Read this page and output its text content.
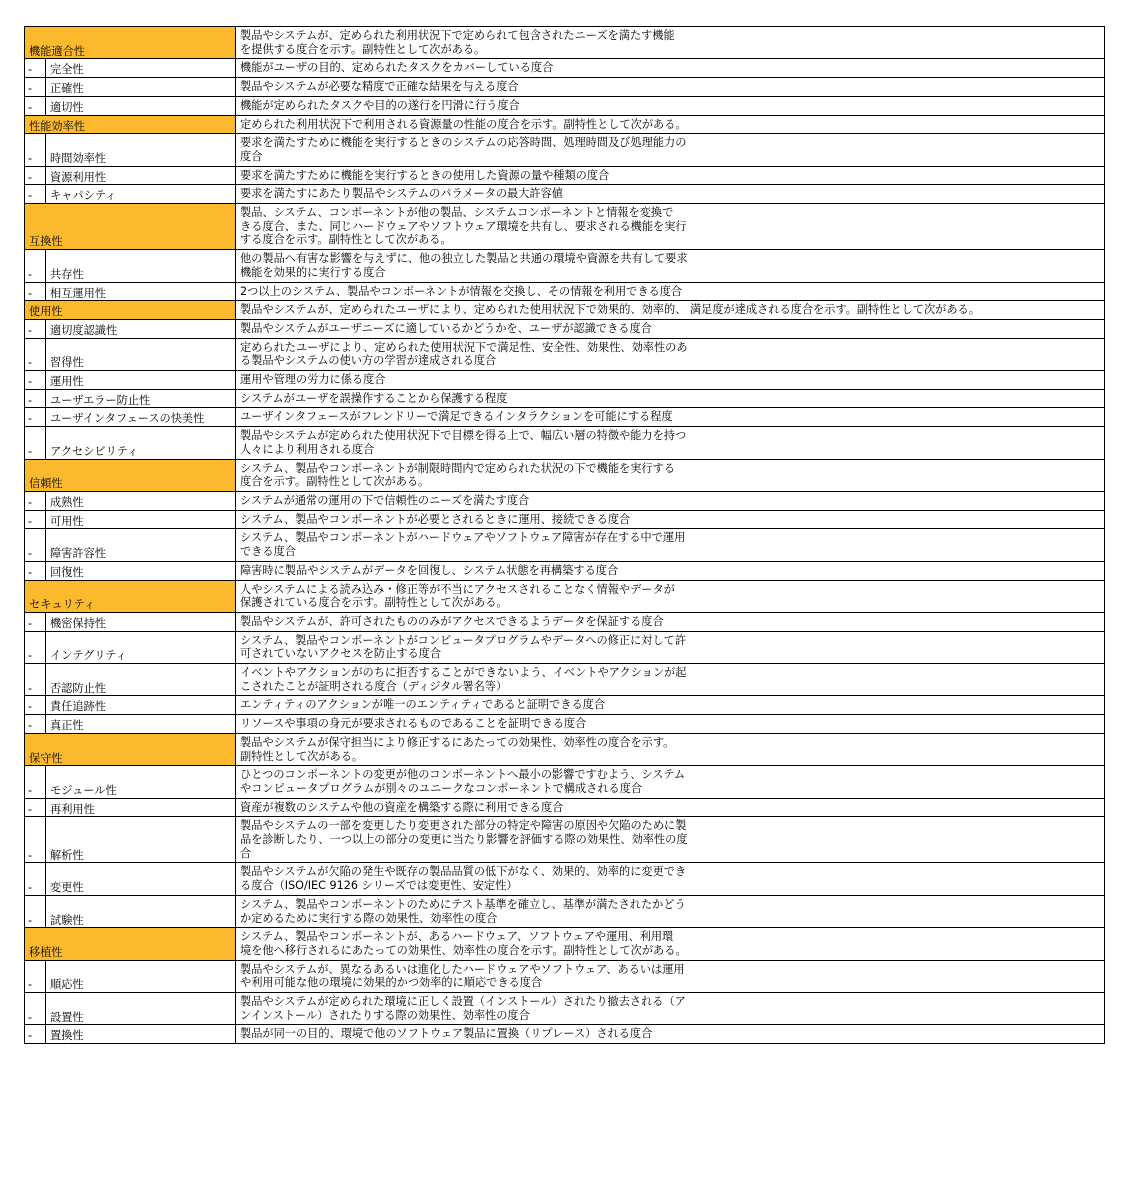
機能適合性		製品やシステムが、定められた利用状況下で定められて包含されたニーズを満たす機能
を提供する度合を示す。副特性として次がある。

-	完全性	機能がユーザの目的、定められたタスクをカバーしている度合

-	正確性	製品やシステムが必要な精度で正確な結果を与える度合

-	適切性	機能が定められたタスクや目的の遂行を円滑に行う度合

性能効率性		定められた利用状況下で利用される資源量の性能の度合を示す。副特性として次がある。

-	時間効率性	要求を満たすために機能を実行するときのシステムの応答時間、処理時間及び処理能力の
度合

-	資源利用性	要求を満たすために機能を実行するときの使用した資源の量や種類の度合

-	キャパシティ	要求を満たすにあたり製品やシステムのパラメータの最大許容値

互換性		製品、システム、コンポーネントが他の製品、システムコンポーネントと情報を変換で
きる度合、また、同じハードウェアやソフトウェア環境を共有し、要求される機能を実行
する度合を示す。副特性として次がある。

-	共存性	他の製品へ有害な影響を与えずに、他の独立した製品と共通の環境や資源を共有して要求
機能を効果的に実行する度合

-	相互運用性	2つ以上のシステム、製品やコンポーネントが情報を交換し、その情報を利用できる度合

使用性		製品やシステムが、定められたユーザにより、定められた使用状況下で効果的、効率的、 満足度が達成される度合を示す。副特性として次がある。

-	適切度認識性	製品やシステムがユーザニーズに適しているかどうかを、ユーザが認識できる度合

-	習得性	定められたユーザにより、定められた使用状況下で満足性、安全性、効果性、効率性のあ
る製品やシステムの使い方の学習が達成される度合

-	運用性	運用や管理の労力に係る度合

-	ユーザエラー防止性	システムがユーザを誤操作することから保護する程度

-	ユーザインタフェースの快美性	ユーザインタフェースがフレンドリーで満足できるインタラクションを可能にする程度

-	アクセシビリティ	製品やシステムが定められた使用状況下で目標を得る上で、幅広い層の特徴や能力を持つ
人々により利用される度合

信頼性		システム、製品やコンポーネントが制限時間内で定められた状況の下で機能を実行する
度合を示す。副特性として次がある。

-	成熟性	システムが通常の運用の下で信頼性のニーズを満たす度合

-	可用性	システム、製品やコンポーネントが必要とされるときに運用、接続できる度合

-	障害許容性	システム、製品やコンポーネントがハードウェアやソフトウェア障害が存在する中で運用
できる度合

-	回復性	障害時に製品やシステムがデータを回復し、システム状態を再構築する度合

セキュリティ		人やシステムによる読み込み・修正等が不当にアクセスされることなく情報やデータが
保護されている度合を示す。副特性として次がある。

-	機密保持性	製品やシステムが、許可されたもののみがアクセスできるようデータを保証する度合

-	インテグリティ	システム、製品やコンポーネントがコンピュータプログラムやデータへの修正に対して許
可されていないアクセスを防止する度合

-	否認防止性	イベントやアクションがのちに拒否することができないよう、イベントやアクションが起
こされたことが証明される度合（ディジタル署名等）

-	責任追跡性	エンティティのアクションが唯一のエンティティであると証明できる度合

-	真正性	リソースや事項の身元が要求されるものであることを証明できる度合

保守性		製品やシステムが保守担当により修正するにあたっての効果性、効率性の度合を示す。
副特性として次がある。

-	モジュール性	ひとつのコンポーネントの変更が他のコンポーネントへ最小の影響ですむよう、システム
やコンピュータプログラムが別々のユニークなコンポーネントで構成される度合

-	再利用性	資産が複数のシステムや他の資産を構築する際に利用できる度合

-	解析性	製品やシステムの一部を変更したり変更された部分の特定や障害の原因や欠陥のために製
品を診断したり、一つ以上の部分の変更に当たり影響を評価する際の効果性、効率性の度
合

-	変更性	製品やシステムが欠陥の発生や既存の製品品質の低下がなく、効果的、効率的に変更でき
る度合（ISO/IEC 9126 シリーズでは変更性、安定性）

-	試験性	システム、製品やコンポーネントのためにテスト基準を確立し、基準が満たされたかどう
か定めるために実行する際の効果性、効率性の度合

移植性		システム、製品やコンポーネントが、あるハードウェア、ソフトウェアや運用、利用環
境を他へ移行されるにあたっての効果性、効率性の度合を示す。副特性として次がある。

-	順応性	製品やシステムが、異なるあるいは進化したハードウェアやソフトウェア、あるいは運用
や利用可能な他の環境に効果的かつ効率的に順応できる度合

-	設置性	製品やシステムが定められた環境に正しく設置（インストール）されたり撤去される（ア
ンインストール）されたりする際の効果性、効率性の度合

-	置換性	製品が同一の目的、環境で他のソフトウェア製品に置換（リプレース）される度合
